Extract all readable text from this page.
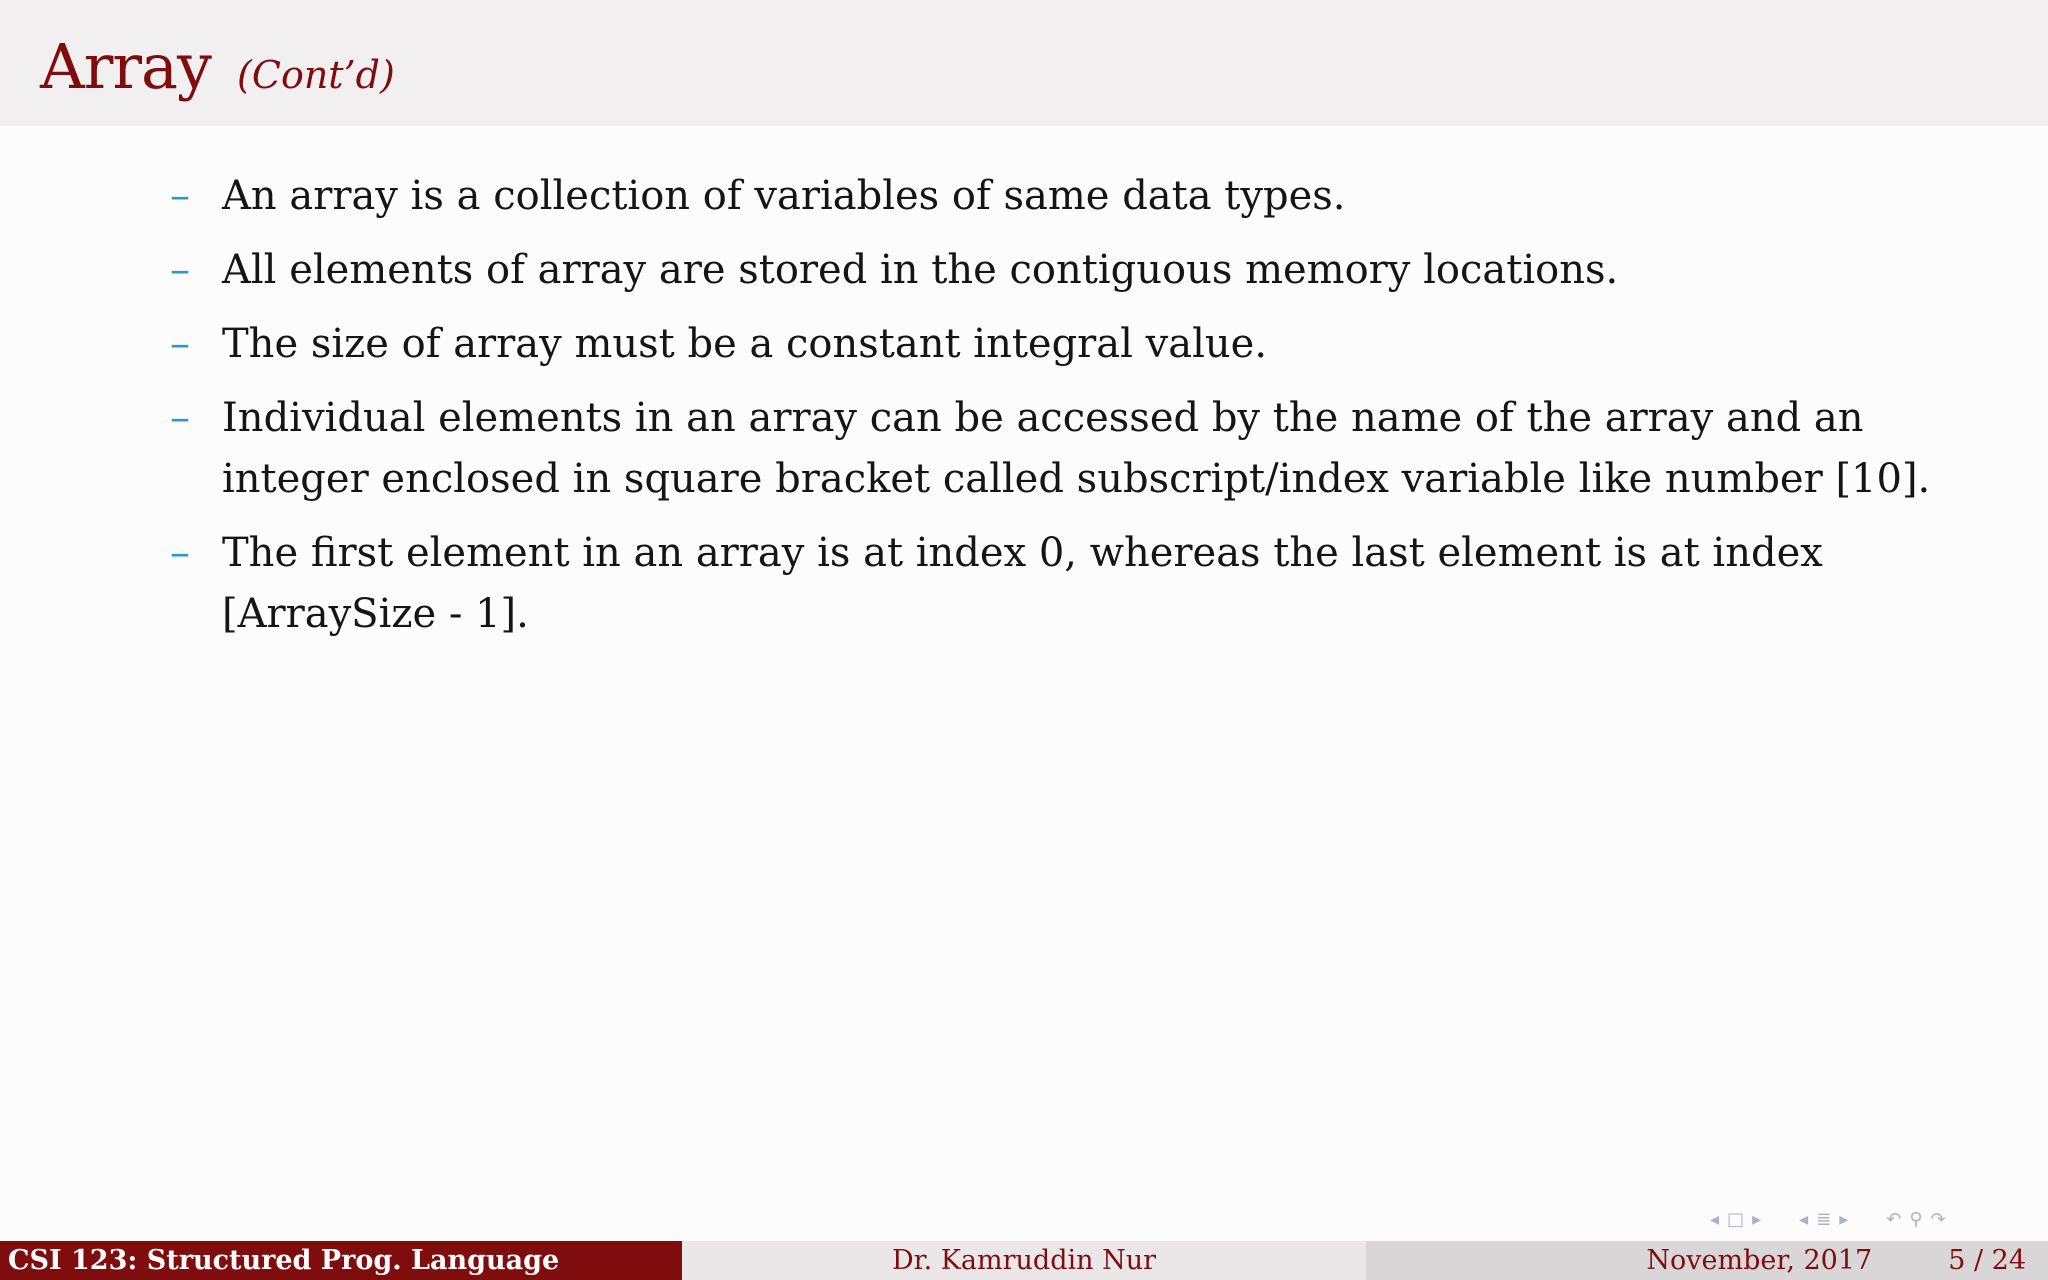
Array (Cont’d)
– An array is a collection of variables of same data types.
– All elements of array are stored in the contiguous memory locations.
– The size of array must be a constant integral value.
– Individual elements in an array can be accessed by the name of the array and an integer enclosed in square bracket called subscript/index variable like number [10].
– The first element in an array is at index 0, whereas the last element is at index [ArraySize - 1].
◂ □ ▸ ◂ ≣ ▸ ↶ ⚲ ↷
CSI 123: Structured Prog. Language	Dr. Kamruddin Nur	November, 2017	5 / 24
